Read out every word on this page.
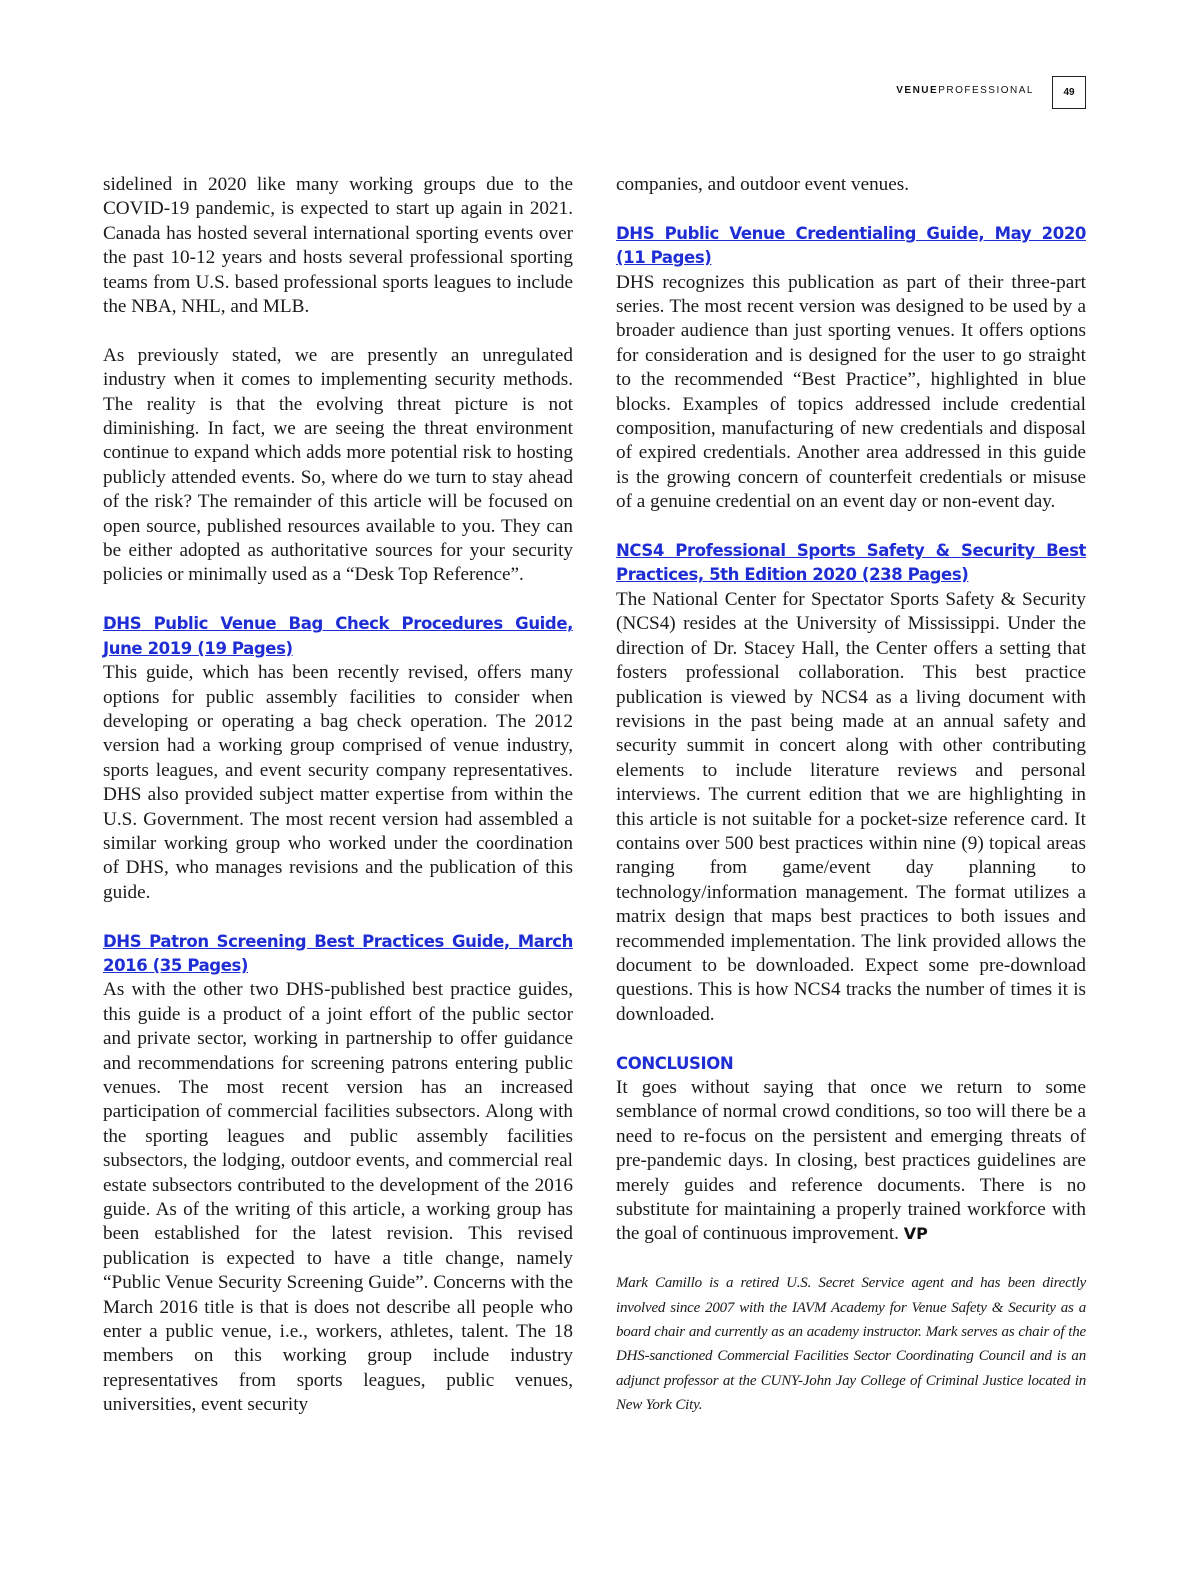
VENUEPROFESSIONAL	49

sidelined in 2020 like many working groups due to the COVID-19 pandemic, is expected to start up again in 2021. Canada has hosted several international sporting events over the past 10-12 years and hosts several professional sporting teams from U.S. based professional sports leagues to include the NBA, NHL, and MLB.

As previously stated, we are presently an unregulated industry when it comes to implementing security methods. The reality is that the evolving threat picture is not diminishing. In fact, we are seeing the threat environment continue to expand which adds more potential risk to hosting publicly attended events. So, where do we turn to stay ahead of the risk? The remainder of this article will be focused on open source, published resources available to you. They can be either adopted as authoritative sources for your security policies or minimally used as a “Desk Top Reference”.

DHS Public Venue Bag Check Procedures Guide, June 2019 (19 Pages)

This guide, which has been recently revised, offers many options for public assembly facilities to consider when developing or operating a bag check operation. The 2012 version had a working group comprised of venue industry, sports leagues, and event security company representatives. DHS also provided subject matter expertise from within the U.S. Government. The most recent version had assembled a similar working group who worked under the coordination of DHS, who manages revisions and the publication of this guide.

DHS Patron Screening Best Practices Guide, March 2016 (35 Pages)

As with the other two DHS-published best practice guides, this guide is a product of a joint effort of the public sector and private sector, working in partnership to offer guidance and recommendations for screening patrons entering public venues. The most recent version has an increased participation of commercial facilities subsectors. Along with the sporting leagues and public assembly facilities subsectors, the lodging, outdoor events, and commercial real estate subsectors contributed to the development of the 2016 guide. As of the writing of this article, a working group has been established for the latest revision. This revised publication is expected to have a title change, namely “Public Venue Security Screening Guide”. Concerns with the March 2016 title is that is does not describe all people who enter a public venue, i.e., workers, athletes, talent. The 18 members on this working group include industry representatives from sports leagues, public venues, universities, event security

companies, and outdoor event venues.

DHS Public Venue Credentialing Guide, May 2020 (11 Pages)

DHS recognizes this publication as part of their three-part series. The most recent version was designed to be used by a broader audience than just sporting venues. It offers options for consideration and is designed for the user to go straight to the recommended “Best Practice”, highlighted in blue blocks. Examples of topics addressed include credential composition, manufacturing of new credentials and disposal of expired credentials. Another area addressed in this guide is the growing concern of counterfeit credentials or misuse of a genuine credential on an event day or non-event day.

NCS4 Professional Sports Safety & Security Best Practices, 5th Edition 2020 (238 Pages)

The National Center for Spectator Sports Safety & Security (NCS4) resides at the University of Mississippi. Under the direction of Dr. Stacey Hall, the Center offers a setting that fosters professional collaboration. This best practice publication is viewed by NCS4 as a living document with revisions in the past being made at an annual safety and security summit in concert along with other contributing elements to include literature reviews and personal interviews. The current edition that we are highlighting in this article is not suitable for a pocket-size reference card. It contains over 500 best practices within nine (9) topical areas ranging from game/event day planning to technology/information management. The format utilizes a matrix design that maps best practices to both issues and recommended implementation. The link provided allows the document to be downloaded. Expect some pre-download questions. This is how NCS4 tracks the number of times it is downloaded.

CONCLUSION

It goes without saying that once we return to some semblance of normal crowd conditions, so too will there be a need to re-focus on the persistent and emerging threats of pre-pandemic days. In closing, best practices guidelines are merely guides and reference documents. There is no substitute for maintaining a properly trained workforce with the goal of continuous improvement. VP

Mark Camillo is a retired U.S. Secret Service agent and has been directly involved since 2007 with the IAVM Academy for Venue Safety & Security as a board chair and currently as an academy instructor. Mark serves as chair of the DHS-sanctioned Commercial Facilities Sector Coordinating Council and is an adjunct professor at the CUNY-John Jay College of Criminal Justice located in New York City.
